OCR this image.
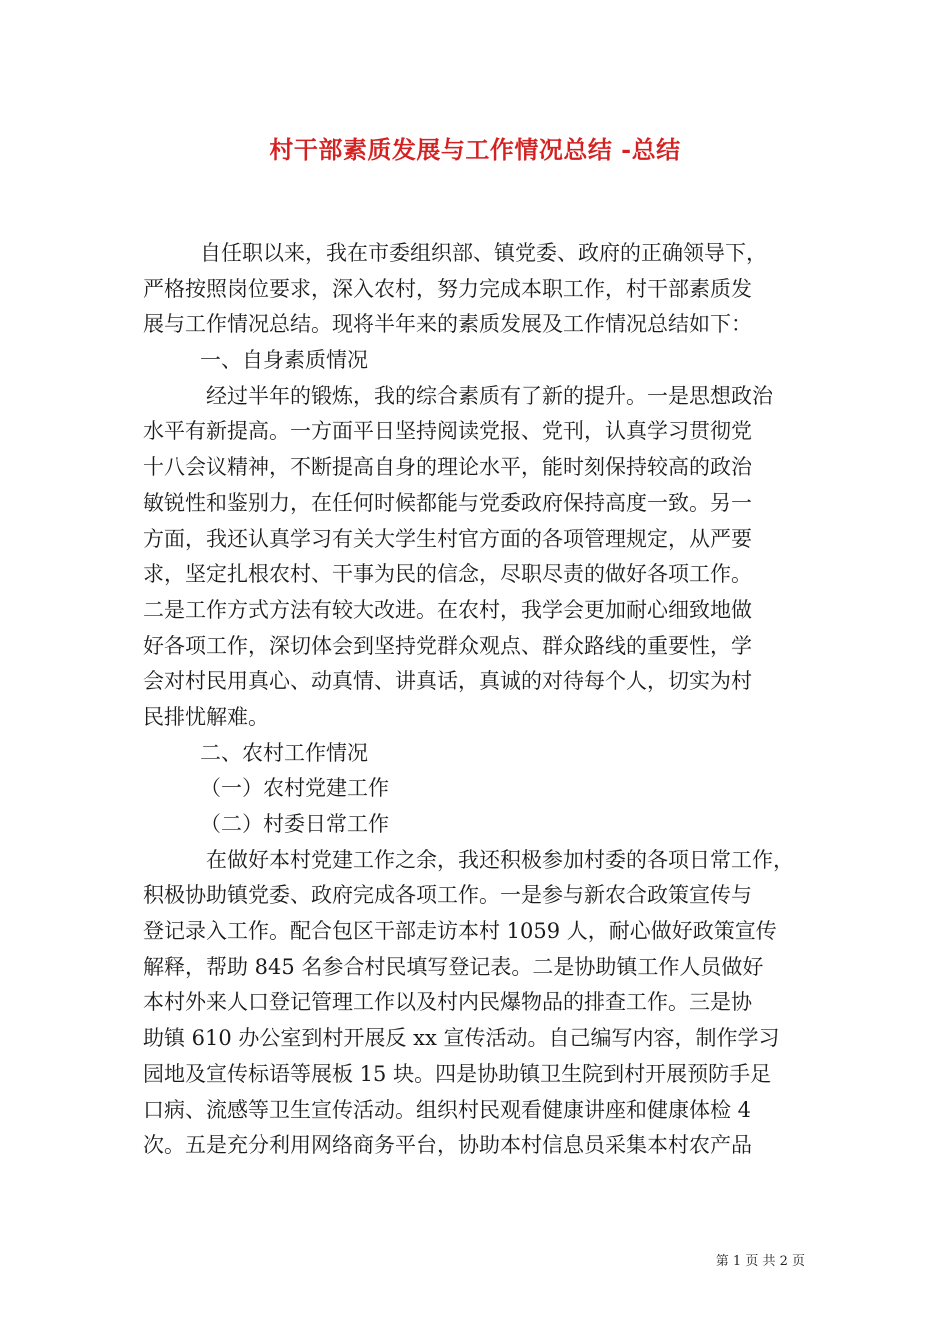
村干部素质发展与工作情况总结 -总结
自任职以来，我在市委组织部、镇党委、政府的正确领导下，
严格按照岗位要求，深入农村，努力完成本职工作，村干部素质发
展与工作情况总结。现将半年来的素质发展及工作情况总结如下：
一、自身素质情况
经过半年的锻炼，我的综合素质有了新的提升。一是思想政治
水平有新提高。一方面平日坚持阅读党报、党刊，认真学习贯彻党
十八会议精神，不断提高自身的理论水平，能时刻保持较高的政治
敏锐性和鉴别力，在任何时候都能与党委政府保持高度一致。另一
方面，我还认真学习有关大学生村官方面的各项管理规定，从严要
求，坚定扎根农村、干事为民的信念，尽职尽责的做好各项工作。
二是工作方式方法有较大改进。在农村，我学会更加耐心细致地做
好各项工作，深切体会到坚持党群众观点、群众路线的重要性，学
会对村民用真心、动真情、讲真话，真诚的对待每个人，切实为村
民排忧解难。
二、农村工作情况
（一）农村党建工作
（二）村委日常工作
在做好本村党建工作之余，我还积极参加村委的各项日常工作，
积极协助镇党委、政府完成各项工作。一是参与新农合政策宣传与
登记录入工作。配合包区干部走访本村 1059 人，耐心做好政策宣传
解释，帮助 845 名参合村民填写登记表。二是协助镇工作人员做好
本村外来人口登记管理工作以及村内民爆物品的排查工作。三是协
助镇 610 办公室到村开展反 xx 宣传活动。自己编写内容，制作学习
园地及宣传标语等展板 15 块。四是协助镇卫生院到村开展预防手足
口病、流感等卫生宣传活动。组织村民观看健康讲座和健康体检 4
次。五是充分利用网络商务平台，协助本村信息员采集本村农产品
第 1 页 共 2 页
